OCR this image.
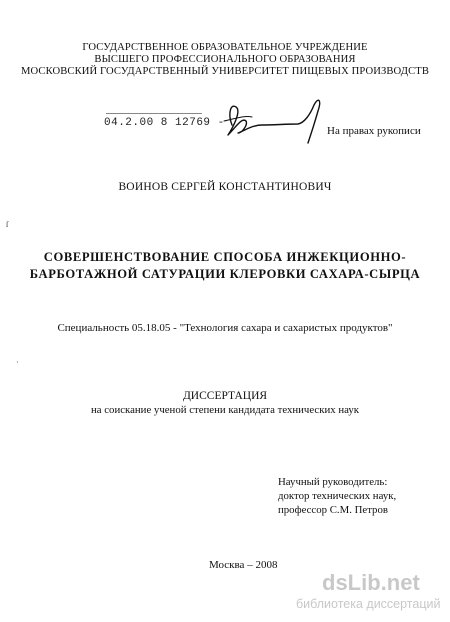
ГОСУДАРСТВЕННОЕ ОБРАЗОВАТЕЛЬНОЕ УЧРЕЖДЕНИЕ
ВЫСШЕГО ПРОФЕССИОНАЛЬНОГО ОБРАЗОВАНИЯ
МОСКОВСКИЙ ГОСУДАРСТВЕННЫЙ УНИВЕРСИТЕТ ПИЩЕВЫХ ПРОИЗВОДСТВ
04.2.00 8 12769 -
На правах рукописи
ВОИНОВ СЕРГЕЙ КОНСТАНТИНОВИЧ
ſ
·
СОВЕРШЕНСТВОВАНИЕ СПОСОБА ИНЖЕКЦИОННО-
БАРБОТАЖНОЙ САТУРАЦИИ КЛЕРОВКИ САХАРА-СЫРЦА
Специальность 05.18.05 - "Технология сахара и сахаристых продуктов"
ДИССЕРТАЦИЯ
на соискание ученой степени кандидата технических наук
Научный руководитель:
доктор технических наук,
профессор С.М. Петров
Москва – 2008
dsLib.net
библиотека диссертаций
